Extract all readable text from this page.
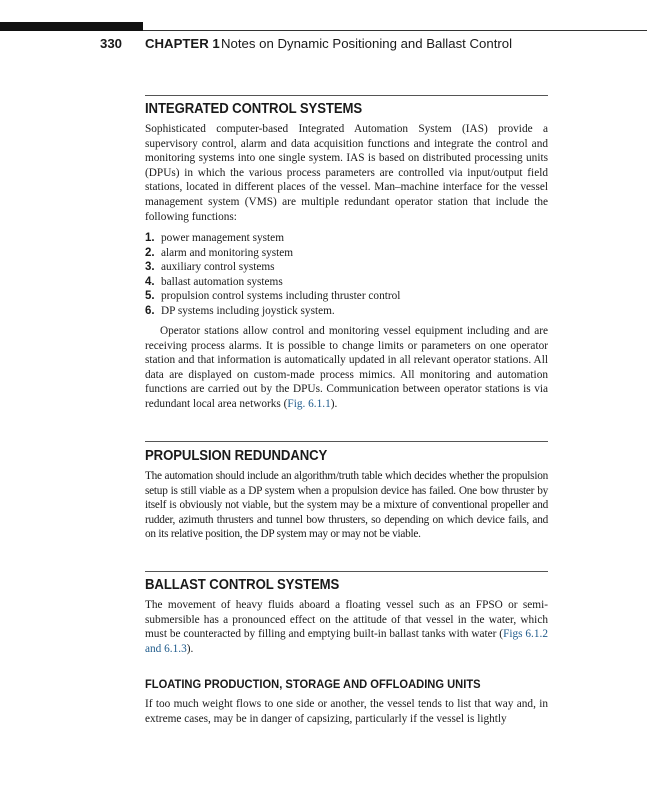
330 CHAPTER 1 Notes on Dynamic Positioning and Ballast Control
INTEGRATED CONTROL SYSTEMS

Sophisticated computer-based Integrated Automation System (IAS) provide a supervisory control, alarm and data acquisition functions and integrate the control and monitoring systems into one single system. IAS is based on distributed processing units (DPUs) in which the various process parameters are controlled via input/output field stations, located in different places of the vessel. Man–machine interface for the vessel management system (VMS) are multiple redundant operator station that include the following functions:

1. power management system
2. alarm and monitoring system
3. auxiliary control systems
4. ballast automation systems
5. propulsion control systems including thruster control
6. DP systems including joystick system.

Operator stations allow control and monitoring vessel equipment including and are receiving process alarms. It is possible to change limits or parameters on one operator station and that information is automatically updated in all relevant operator stations. All data are displayed on custom-made process mimics. All monitoring and automation functions are carried out by the DPUs. Communication between operator stations is via redundant local area networks (Fig. 6.1.1).

PROPULSION REDUNDANCY

The automation should include an algorithm/truth table which decides whether the propulsion setup is still viable as a DP system when a propulsion device has failed. One bow thruster by itself is obviously not viable, but the system may be a mixture of conventional propeller and rudder, azimuth thrusters and tunnel bow thrusters, so depending on which device fails, and on its relative position, the DP system may or may not be viable.

BALLAST CONTROL SYSTEMS

The movement of heavy fluids aboard a floating vessel such as an FPSO or semi-submersible has a pronounced effect on the attitude of that vessel in the water, which must be counteracted by filling and emptying built-in ballast tanks with water (Figs 6.1.2 and 6.1.3).

FLOATING PRODUCTION, STORAGE AND OFFLOADING UNITS

If too much weight flows to one side or another, the vessel tends to list that way and, in extreme cases, may be in danger of capsizing, particularly if the vessel is lightly
